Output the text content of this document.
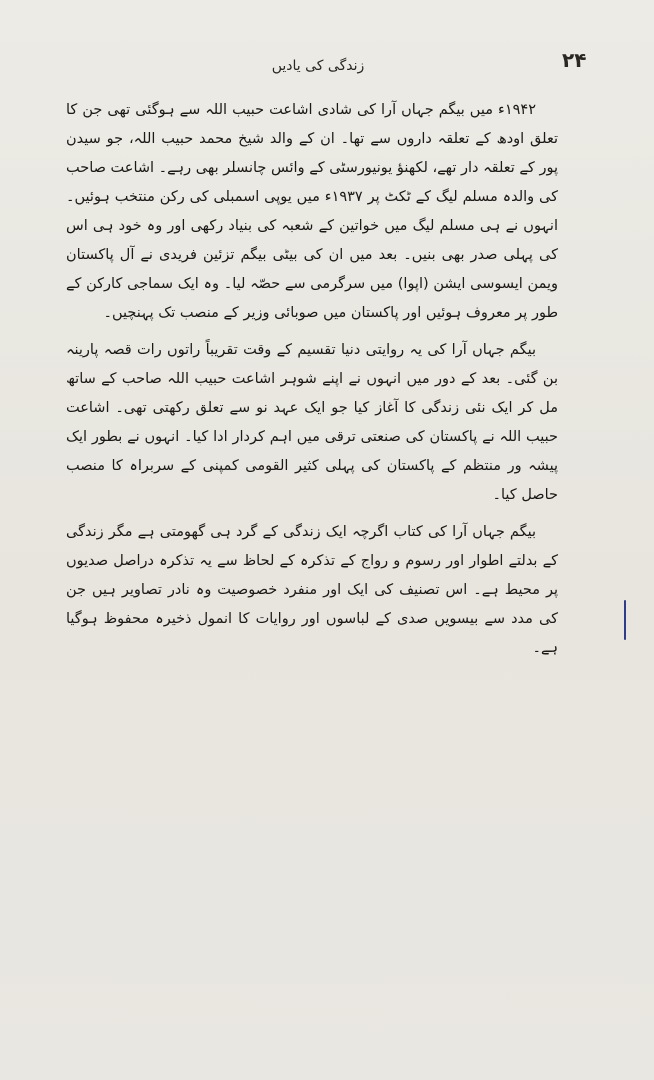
۲۴
زندگی کی یادیں

۱۹۴۲ء میں بیگم جہاں آرا کی شادی اشاعت حبیب اللہ سے ہوگئی تھی جن کا تعلق اودھ کے تعلقہ داروں سے تھا۔ ان کے والد شیخ محمد حبیب اللہ، جو سیدن پور کے تعلقہ دار تھے، لکھنؤ یونیورسٹی کے وائس چانسلر بھی رہے۔ اشاعت صاحب کی والدہ مسلم لیگ کے ٹکٹ پر ۱۹۳۷ء میں یوپی اسمبلی کی رکن منتخب ہوئیں۔ انہوں نے ہی مسلم لیگ میں خواتین کے شعبہ کی بنیاد رکھی اور وہ خود ہی اس کی پہلی صدر بھی بنیں۔ بعد میں ان کی بیٹی بیگم تزئین فریدی نے آل پاکستان ویمن ایسوسی ایشن (اپوا) میں سرگرمی سے حصّہ لیا۔ وہ ایک سماجی کارکن کے طور پر معروف ہوئیں اور پاکستان میں صوبائی وزیر کے منصب تک پہنچیں۔

بیگم جہاں آرا کی یہ روایتی دنیا تقسیم کے وقت تقریباً راتوں رات قصہ پارینہ بن گئی۔ بعد کے دور میں انہوں نے اپنے شوہر اشاعت حبیب اللہ صاحب کے ساتھ مل کر ایک نئی زندگی کا آغاز کیا جو ایک عہد نو سے تعلق رکھتی تھی۔ اشاعت حبیب اللہ نے پاکستان کی صنعتی ترقی میں اہم کردار ادا کیا۔ انہوں نے بطور ایک پیشہ ور منتظم کے پاکستان کی پہلی کثیر القومی کمپنی کے سربراہ کا منصب حاصل کیا۔

بیگم جہاں آرا کی کتاب اگرچہ ایک زندگی کے گرد ہی گھومتی ہے مگر زندگی کے بدلتے اطوار اور رسوم و رواج کے تذکرہ کے لحاظ سے یہ تذکرہ دراصل صدیوں پر محیط ہے۔ اس تصنیف کی ایک اور منفرد خصوصیت وہ نادر تصاویر ہیں جن کی مدد سے بیسویں صدی کے لباسوں اور روایات کا انمول ذخیرہ محفوظ ہوگیا ہے۔
